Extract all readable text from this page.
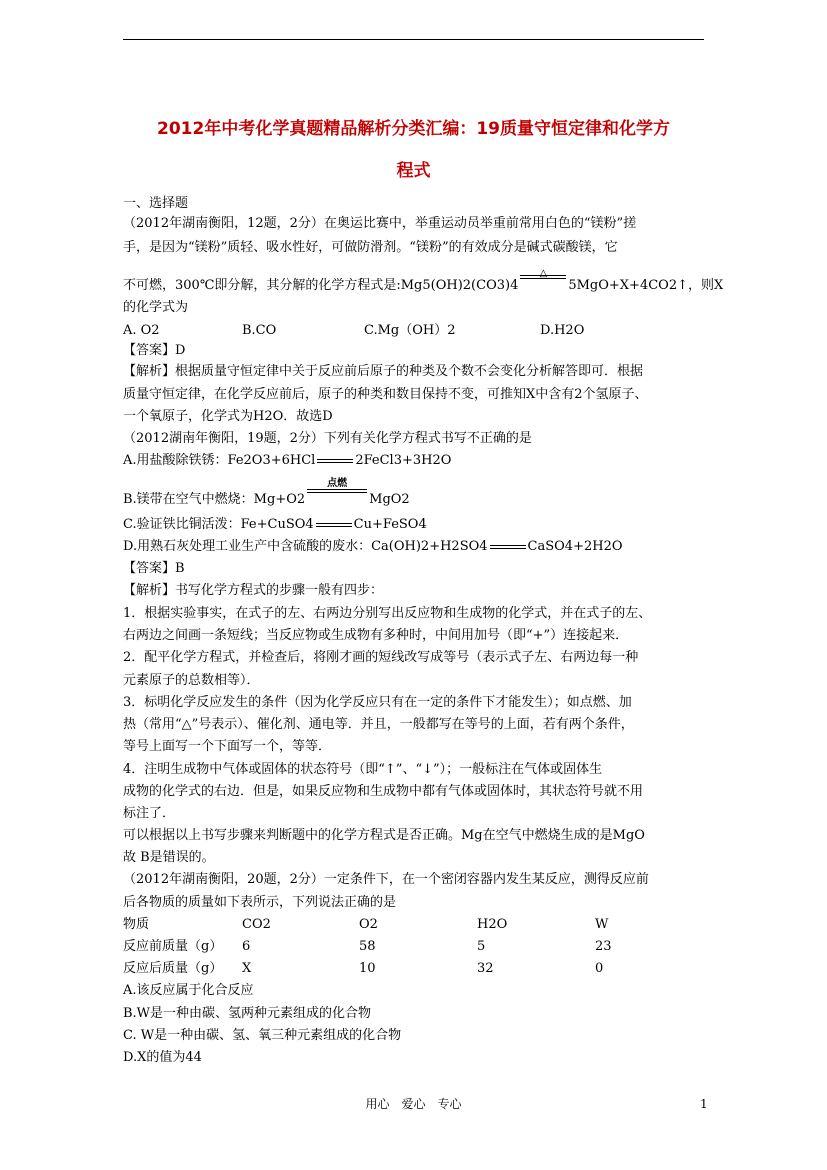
2012年中考化学真题精品解析分类汇编：19质量守恒定律和化学方
程式
一、选择题
（2012年湖南衡阳，12题，2分）在奥运比赛中，举重运动员举重前常用白色的“镁粉”搓
手，是因为“镁粉”质轻、吸水性好，可做防滑剂。“镁粉”的有效成分是碱式碳酸镁，它
不可燃，300℃即分解，其分解的化学方程式是:Mg5(OH)2(CO3)4
△
5MgO+X+4CO2↑，则X
的化学式为
A. O2	B.CO	C.Mg（OH）2	D.H2O
【答案】D
【解析】根据质量守恒定律中关于反应前后原子的种类及个数不会变化分析解答即可．根据
质量守恒定律，在化学反应前后，原子的种类和数目保持不变，可推知X中含有2个氢原子、
一个氧原子，化学式为H2O．故选D
（2012湖南年衡阳，19题，2分）下列有关化学方程式书写不正确的是
A.用盐酸除铁锈：Fe2O3+6HCl	2FeCl3+3H2O
B.镁带在空气中燃烧：Mg+O2
点燃
MgO2
C.验证铁比铜活泼：Fe+CuSO4	Cu+FeSO4
D.用熟石灰处理工业生产中含硫酸的废水：Ca(OH)2+H2SO4	CaSO4+2H2O
【答案】B
【解析】书写化学方程式的步骤一般有四步：
1．根据实验事实，在式子的左、右两边分别写出反应物和生成物的化学式，并在式子的左、
右两边之间画一条短线；当反应物或生成物有多种时，中间用加号（即“+”）连接起来．
2．配平化学方程式，并检查后，将刚才画的短线改写成等号（表示式子左、右两边每一种
元素原子的总数相等）．
3．标明化学反应发生的条件（因为化学反应只有在一定的条件下才能发生）；如点燃、加
热（常用“△”号表示）、催化剂、通电等．并且，一般都写在等号的上面，若有两个条件，
等号上面写一个下面写一个，等等．
4．注明生成物中气体或固体的状态符号（即“↑”、“↓”）；一般标注在气体或固体生
成物的化学式的右边．但是，如果反应物和生成物中都有气体或固体时，其状态符号就不用
标注了．
可以根据以上书写步骤来判断题中的化学方程式是否正确。Mg在空气中燃烧生成的是MgO
故 B是错误的。
（2012年湖南衡阳，20题，2分）一定条件下，在一个密闭容器内发生某反应，测得反应前
后各物质的质量如下表所示，下列说法正确的是
物质	CO2	O2	H2O	W
反应前质量（g） 6	58	5	23
反应后质量（g） X	10	32	0
A.该反应属于化合反应
B.W是一种由碳、氢两种元素组成的化合物
C. W是一种由碳、氢、氧三种元素组成的化合物
D.X的值为44
用心　爱心　专心	1
